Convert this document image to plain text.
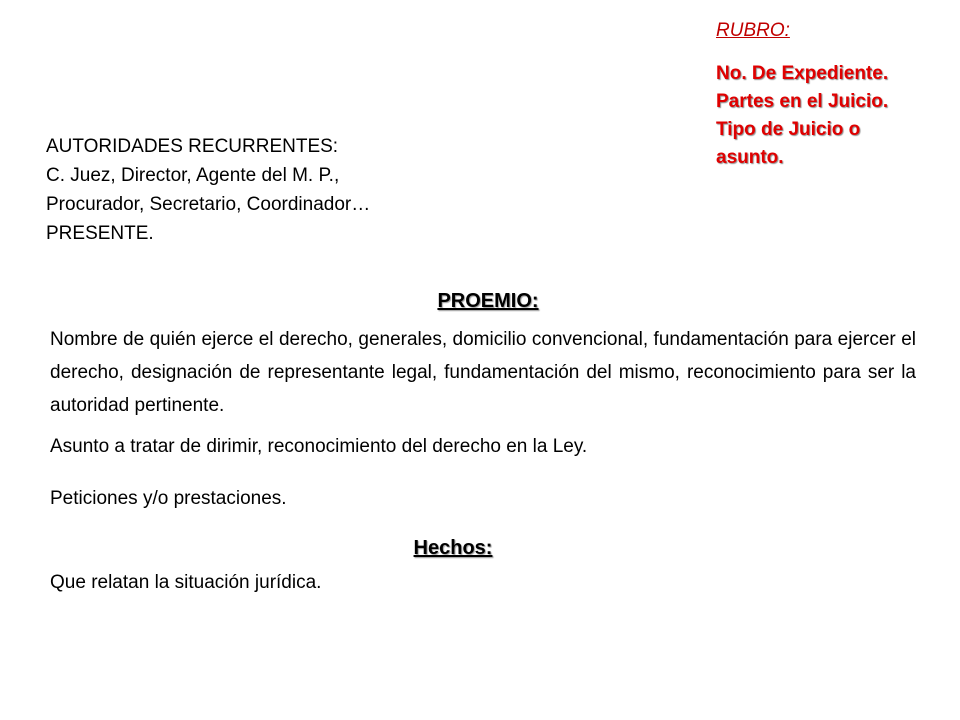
RUBRO:
No. De Expediente.
Partes en el Juicio.
Tipo de Juicio o
asunto.
AUTORIDADES RECURRENTES:
C. Juez, Director, Agente del M. P.,
Procurador, Secretario, Coordinador…
PRESENTE.
PROEMIO:
Nombre de quién ejerce el derecho, generales, domicilio convencional, fundamentación para ejercer el derecho, designación de representante legal, fundamentación del mismo, reconocimiento para ser la autoridad pertinente.
Asunto a tratar de dirimir, reconocimiento del derecho en la Ley.
Peticiones y/o prestaciones.
Hechos:
Que relatan la situación jurídica.
